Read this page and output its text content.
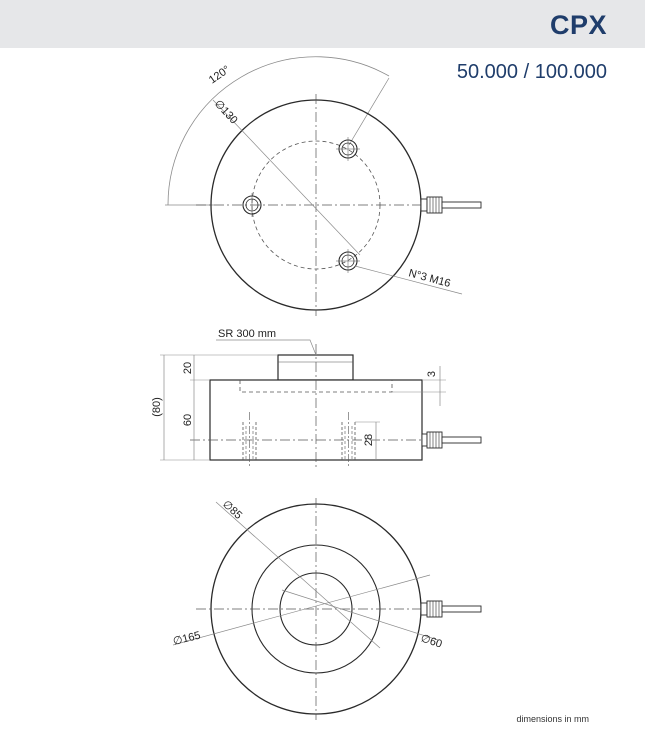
CPX
50.000 / 100.000
120°
∅130
N°3 M16
SR 300 mm
20
60
(80)
3
28
∅85
∅165	∅60
dimensions in mm
